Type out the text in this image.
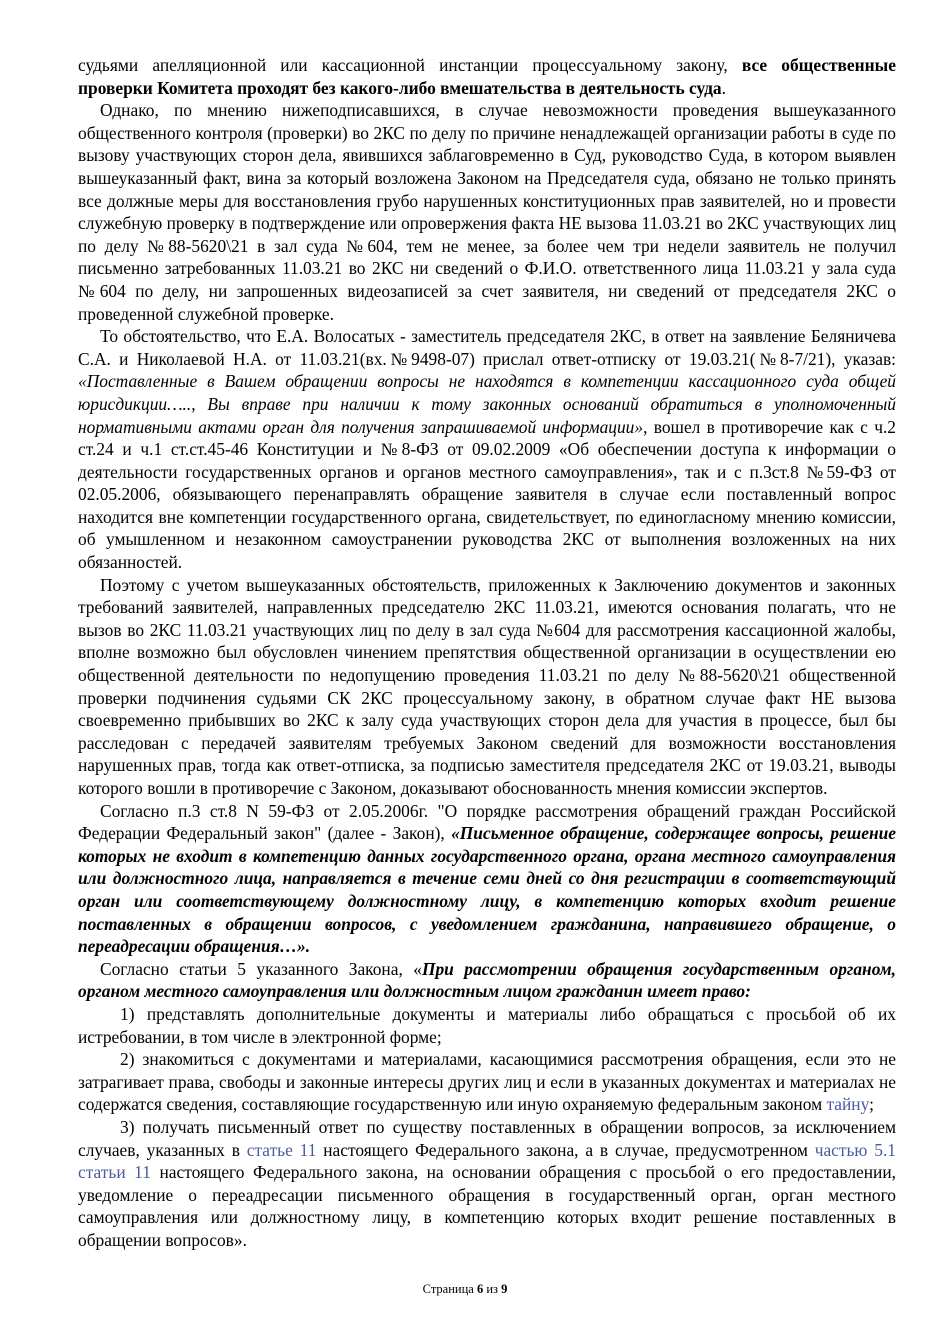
судьями апелляционной или кассационной инстанции процессуальному закону, все общественные проверки Комитета проходят без какого-либо вмешательства в деятельность суда.

Однако, по мнению нижеподписавшихся, в случае невозможности проведения вышеуказанного общественного контроля (проверки) во 2КС по делу по причине ненадлежащей организации работы в суде по вызову участвующих сторон дела, явившихся заблаговременно в Суд, руководство Суда, в котором выявлен вышеуказанный факт, вина за который возложена Законом на Председателя суда, обязано не только принять все должные меры для восстановления грубо нарушенных конституционных прав заявителей, но и провести служебную проверку в подтверждение или опровержения факта НЕ вызова 11.03.21 во 2КС участвующих лиц по делу №88-5620\21 в зал суда №604, тем не менее, за более чем три недели заявитель не получил письменно затребованных 11.03.21 во 2КС ни сведений о Ф.И.О. ответственного лица 11.03.21 у зала суда №604 по делу, ни запрошенных видеозаписей за счет заявителя, ни сведений от председателя 2КС о проведенной служебной проверке.

То обстоятельство, что Е.А. Волосатых - заместитель председателя 2КС, в ответ на заявление Беляничева С.А. и Николаевой Н.А. от 11.03.21(вх.№9498-07) прислал ответ-отписку от 19.03.21(№8-7/21), указав: «Поставленные в Вашем обращении вопросы не находятся в компетенции кассационного суда общей юрисдикции….., Вы вправе при наличии к тому законных оснований обратиться в уполномоченный нормативными актами орган для получения запрашиваемой информации», вошел в противоречие как с ч.2 ст.24 и ч.1 ст.ст.45-46 Конституции и №8-ФЗ от 09.02.2009 «Об обеспечении доступа к информации о деятельности государственных органов и органов местного самоуправления», так и с п.3ст.8 №59-ФЗ от 02.05.2006, обязывающего перенаправлять обращение заявителя в случае если поставленный вопрос находится вне компетенции государственного органа, свидетельствует, по единогласному мнению комиссии, об умышленном и незаконном самоустранении руководства 2КС от выполнения возложенных на них обязанностей.

Поэтому с учетом вышеуказанных обстоятельств, приложенных к Заключению документов и законных требований заявителей, направленных председателю 2КС 11.03.21, имеются основания полагать, что не вызов во 2КС 11.03.21 участвующих лиц по делу в зал суда №604 для рассмотрения кассационной жалобы, вполне возможно был обусловлен чинением препятствия общественной организации в осуществлении ею общественной деятельности по недопущению проведения 11.03.21 по делу №88-5620\21 общественной проверки подчинения судьями СК 2КС процессуальному закону, в обратном случае факт НЕ вызова своевременно прибывших во 2КС к залу суда участвующих сторон дела для участия в процессе, был бы расследован с передачей заявителям требуемых Законом сведений для возможности восстановления нарушенных прав, тогда как ответ-отписка, за подписью заместителя председателя 2КС от 19.03.21, выводы которого вошли в противоречие с Законом, доказывают обоснованность мнения комиссии экспертов.

Согласно п.3 ст.8 N 59-ФЗ от 2.05.2006г. "О порядке рассмотрения обращений граждан Российской Федерации Федеральный закон" (далее - Закон), «Письменное обращение, содержащее вопросы, решение которых не входит в компетенцию данных государственного органа, органа местного самоуправления или должностного лица, направляется в течение семи дней со дня регистрации в соответствующий орган или соответствующему должностному лицу, в компетенцию которых входит решение поставленных в обращении вопросов, с уведомлением гражданина, направившего обращение, о переадресации обращения…».

Согласно статьи 5 указанного Закона, «При рассмотрении обращения государственным органом, органом местного самоуправления или должностным лицом гражданин имеет право:

1) представлять дополнительные документы и материалы либо обращаться с просьбой об их истребовании, в том числе в электронной форме;

2) знакомиться с документами и материалами, касающимися рассмотрения обращения, если это не затрагивает права, свободы и законные интересы других лиц и если в указанных документах и материалах не содержатся сведения, составляющие государственную или иную охраняемую федеральным законом тайну;

3) получать письменный ответ по существу поставленных в обращении вопросов, за исключением случаев, указанных в статье 11 настоящего Федерального закона, а в случае, предусмотренном частью 5.1 статьи 11 настоящего Федерального закона, на основании обращения с просьбой о его предоставлении, уведомление о переадресации письменного обращения в государственный орган, орган местного самоуправления или должностному лицу, в компетенцию которых входит решение поставленных в обращении вопросов».

Страница 6 из 9
